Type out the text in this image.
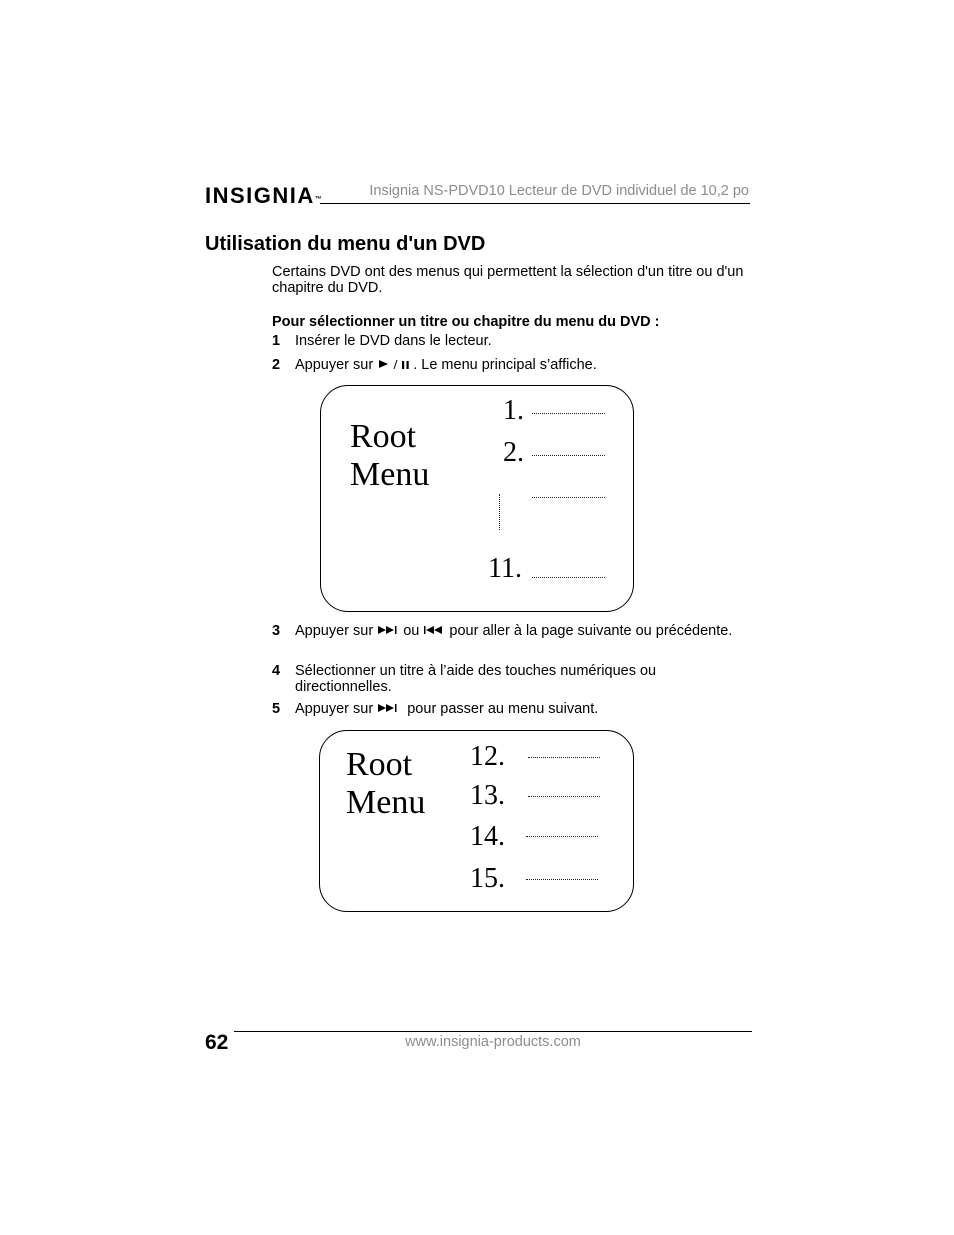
INSIGNIA™
Insignia NS-PDVD10 Lecteur de DVD individuel de 10,2 po
Utilisation du menu d'un DVD

Certains DVD ont des menus qui permettent la sélection d'un titre ou d'un chapitre du DVD.

Pour sélectionner un titre ou chapitre du menu du DVD :

1 Insérer le DVD dans le lecteur.
2 Appuyer sur . Le menu principal s’affiche.
Root
Menu
1.
2.
11.
3 Appuyer sur ou pour aller à la page suivante ou précédente.
4 Sélectionner un titre à l’aide des touches numériques ou directionnelles.
5 Appuyer sur  pour passer au menu suivant.
Root
Menu
12.
13.
14.
15.
62	www.insignia-products.com
